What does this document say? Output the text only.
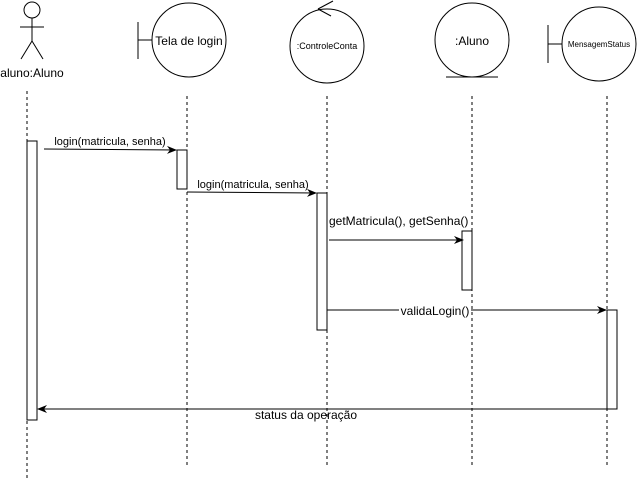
aluno:Aluno
Tela de login	:ControleConta	:Aluno	MensagemStatus
login(matricula, senha)
login(matricula, senha)
getMatricula(), getSenha()
validaLogin()
status da operação
